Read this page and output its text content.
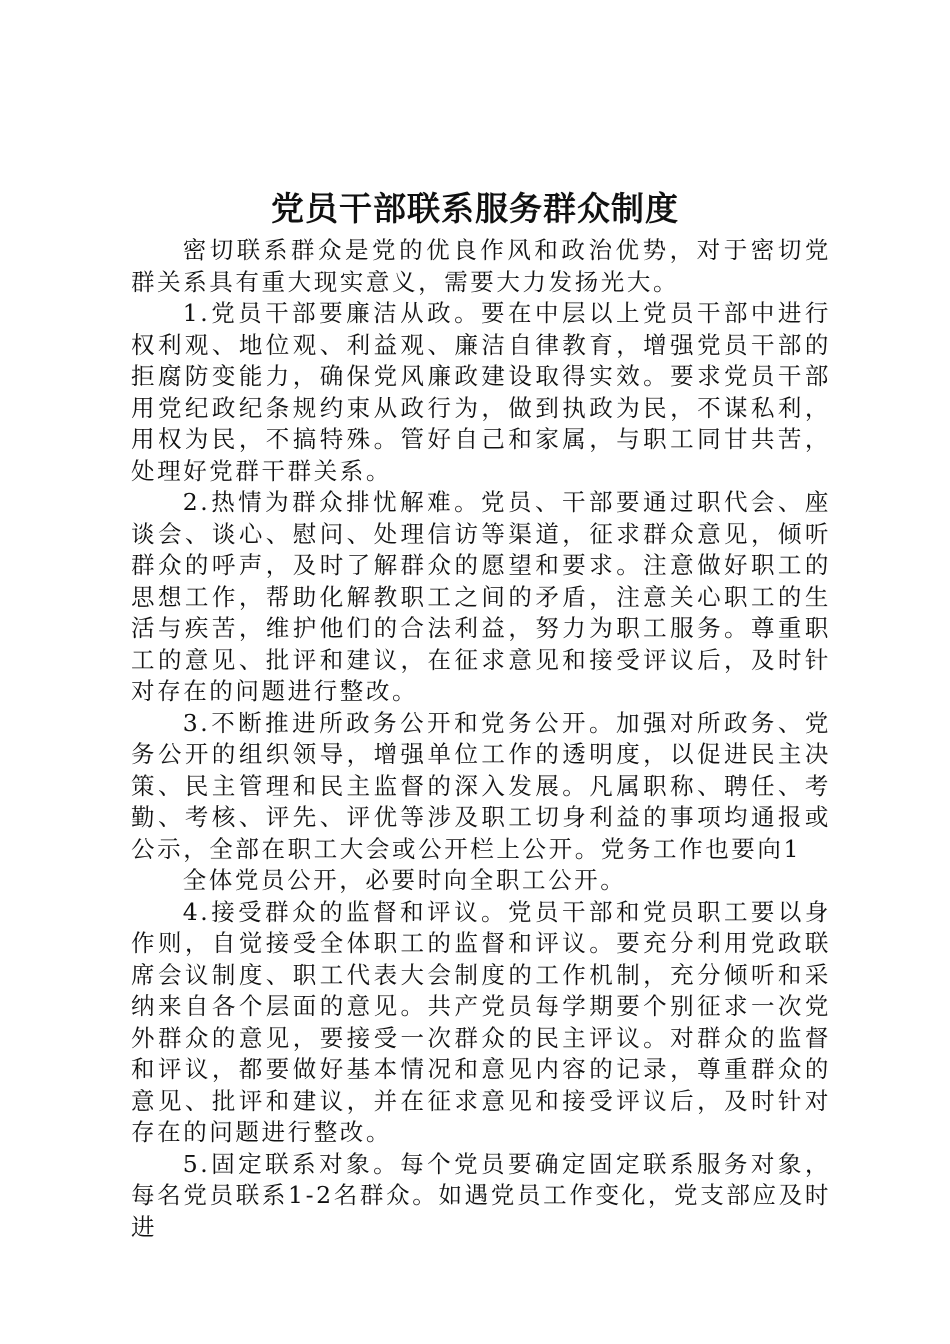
党员干部联系服务群众制度

密切联系群众是党的优良作风和政治优势，对于密切党群关系具有重大现实意义，需要大力发扬光大。

1.党员干部要廉洁从政。要在中层以上党员干部中进行权利观、地位观、利益观、廉洁自律教育，增强党员干部的拒腐防变能力，确保党风廉政建设取得实效。要求党员干部用党纪政纪条规约束从政行为，做到执政为民，不谋私利，用权为民，不搞特殊。管好自己和家属，与职工同甘共苦，处理好党群干群关系。

2.热情为群众排忧解难。党员、干部要通过职代会、座谈会、谈心、慰问、处理信访等渠道，征求群众意见，倾听群众的呼声，及时了解群众的愿望和要求。注意做好职工的思想工作，帮助化解教职工之间的矛盾，注意关心职工的生活与疾苦，维护他们的合法利益，努力为职工服务。尊重职工的意见、批评和建议，在征求意见和接受评议后，及时针对存在的问题进行整改。

3.不断推进所政务公开和党务公开。加强对所政务、党务公开的组织领导，增强单位工作的透明度，以促进民主决策、民主管理和民主监督的深入发展。凡属职称、聘任、考勤、考核、评先、评优等涉及职工切身利益的事项均通报或公示，全部在职工大会或公开栏上公开。党务工作也要向1

全体党员公开，必要时向全职工公开。

4.接受群众的监督和评议。党员干部和党员职工要以身作则，自觉接受全体职工的监督和评议。要充分利用党政联席会议制度、职工代表大会制度的工作机制，充分倾听和采纳来自各个层面的意见。共产党员每学期要个别征求一次党外群众的意见，要接受一次群众的民主评议。对群众的监督和评议，都要做好基本情况和意见内容的记录，尊重群众的意见、批评和建议，并在征求意见和接受评议后，及时针对存在的问题进行整改。

5.固定联系对象。每个党员要确定固定联系服务对象，每名党员联系1-2名群众。如遇党员工作变化，党支部应及时进
